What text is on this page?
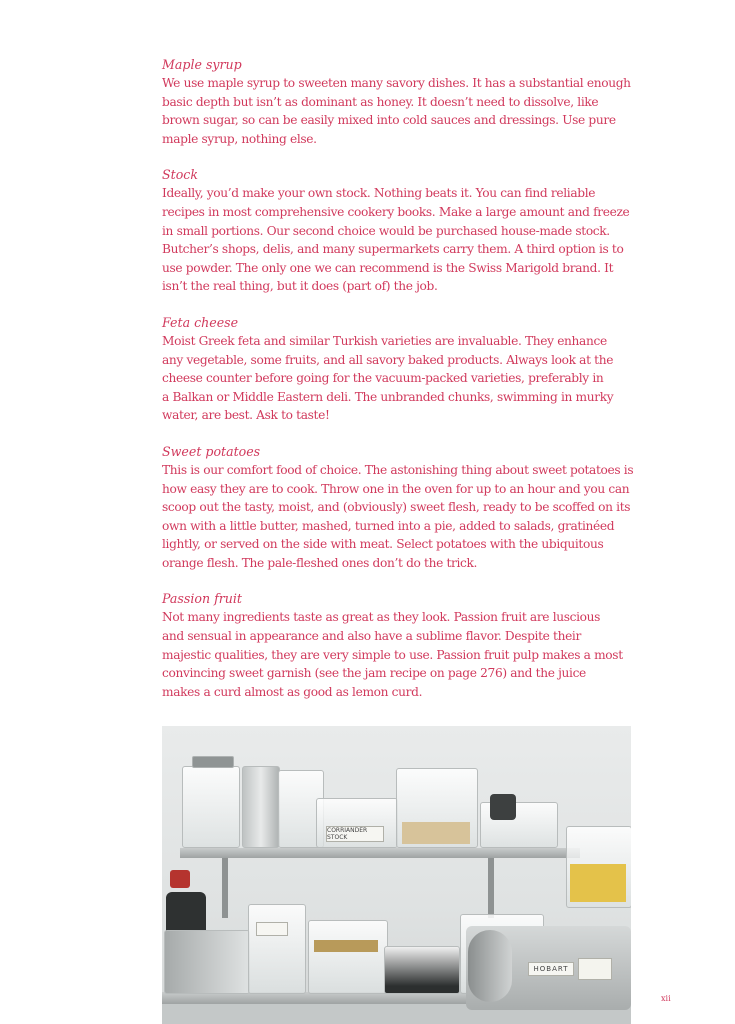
Maple syrup

We use maple syrup to sweeten many savory dishes. It has a substantial enough
basic depth but isn’t as dominant as honey. It doesn’t need to dissolve, like
brown sugar, so can be easily mixed into cold sauces and dressings. Use pure
maple syrup, nothing else.

Stock

Ideally, you’d make your own stock. Nothing beats it. You can find reliable
recipes in most comprehensive cookery books. Make a large amount and freeze
in small portions. Our second choice would be purchased house-made stock.
Butcher’s shops, delis, and many supermarkets carry them. A third option is to
use powder. The only one we can recommend is the Swiss Marigold brand. It
isn’t the real thing, but it does (part of) the job.

Feta cheese

Moist Greek feta and similar Turkish varieties are invaluable. They enhance
any vegetable, some fruits, and all savory baked products. Always look at the
cheese counter before going for the vacuum-packed varieties, preferably in
a Balkan or Middle Eastern deli. The unbranded chunks, swimming in murky
water, are best. Ask to taste!

Sweet potatoes

This is our comfort food of choice. The astonishing thing about sweet potatoes is
how easy they are to cook. Throw one in the oven for up to an hour and you can
scoop out the tasty, moist, and (obviously) sweet flesh, ready to be scoffed on its
own with a little butter, mashed, turned into a pie, added to salads, gratinéed
lightly, or served on the side with meat. Select potatoes with the ubiquitous
orange flesh. The pale-fleshed ones don’t do the trick.

Passion fruit

Not many ingredients taste as great as they look. Passion fruit are luscious
and sensual in appearance and also have a sublime flavor. Despite their
majestic qualities, they are very simple to use. Passion fruit pulp makes a most
convincing sweet garnish (see the jam recipe on page 276) and the juice
makes a curd almost as good as lemon curd.

CORRIANDER STOCK
HOBART
xii
